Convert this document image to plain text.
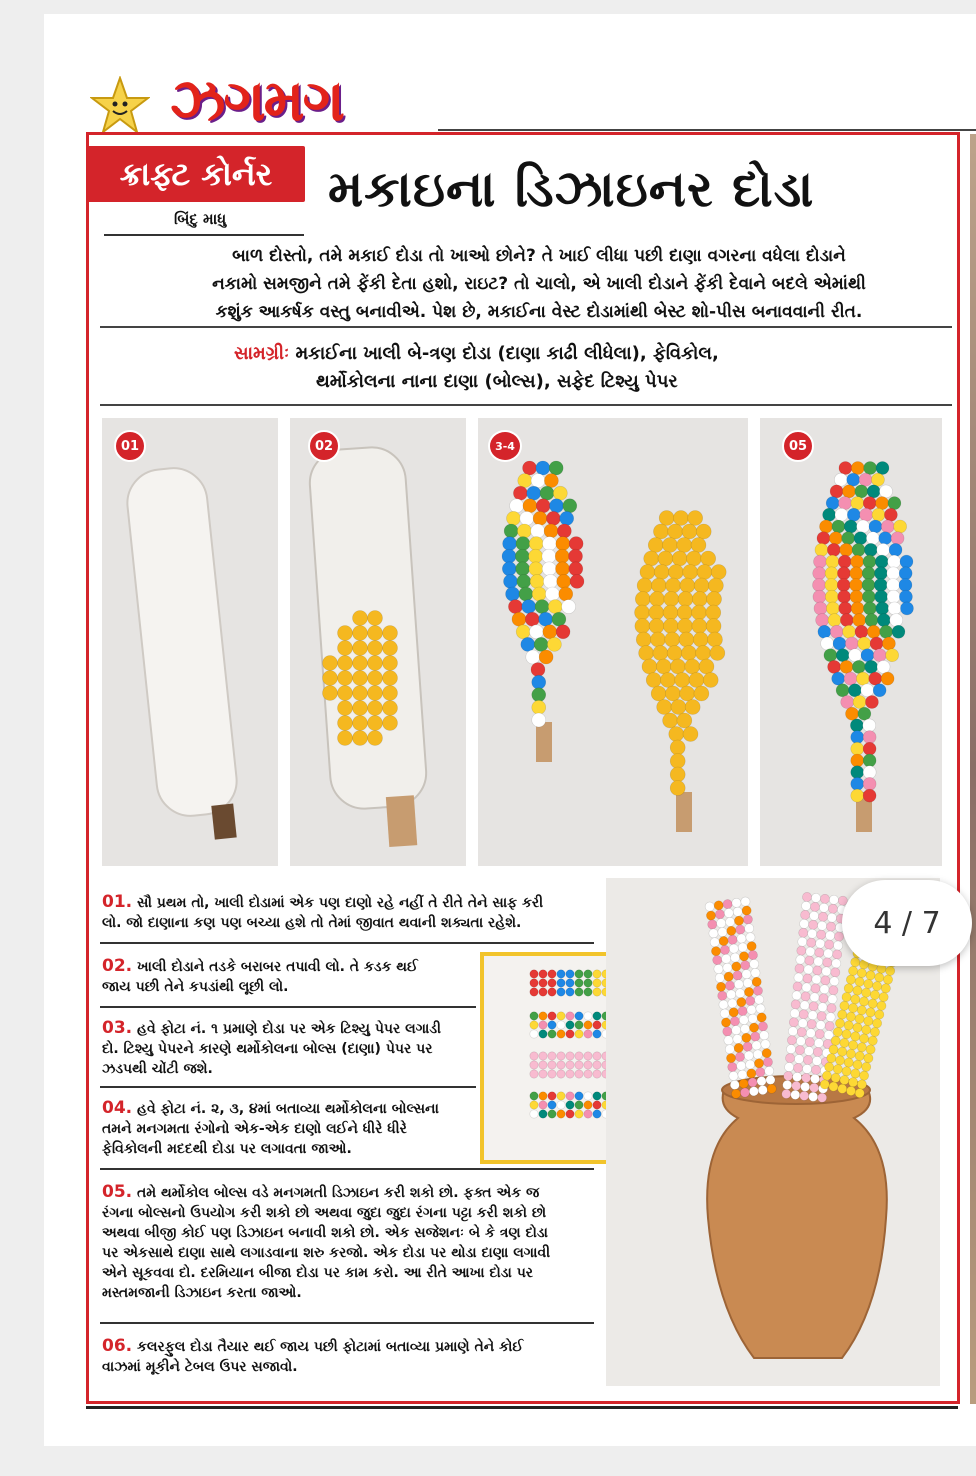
ઝગમગ
ક્રાફ્ટ કોર્નર
બિંદુ માધુ
મકાઇના ડિઝાઇનર દોડા
બાળ દોસ્તો, તમે મકાઈ દોડા તો ખાઓ છોને? તે ખાઈ લીધા પછી દાણા વગરના વધેલા દોડાને
નકામો સમજીને તમે ફેંકી દેતા હશો, રાઇટ? તો ચાલો, એ ખાલી દોડાને ફેંકી દેવાને બદલે એમાંથી
કશુંક આકર્ષક વસ્તુ બનાવીએ. પેશ છે, મકાઈના વેસ્ટ દોડામાંથી બેસ્ટ શો-પીસ બનાવવાની રીત.
સામગ્રીઃ મકાઈના ખાલી બે-ત્રણ દોડા (દાણા કાઢી લીધેલા), ફેવિકોલ,
થર્મોકોલના નાના દાણા (બોલ્સ), સફેદ ટિશ્યુ પેપર
01	02	3-4	05
01. સૌ પ્રથમ તો, ખાલી દોડામાં એક પણ દાણો રહે નહીં તે રીતે તેને સાફ કરી
લો. જો દાણાના કણ પણ બચ્યા હશે તો તેમાં જીવાત થવાની શક્યતા રહેશે.
02. ખાલી દોડાને તડકે બરાબર તપાવી લો. તે કડક થઈ
જાય પછી તેને કપડાંથી લૂછી લો.
03. હવે ફોટા નં. ૧ પ્રમાણે દોડા પર એક ટિશ્યુ પેપર લગાડી
દો. ટિશ્યુ પેપરને કારણે થર્મોકોલના બોલ્સ (દાણા) પેપર પર
ઝડપથી ચોંટી જશે.
04. હવે ફોટા નં. ૨, ૩, ૪માં બતાવ્યા થર્મોકોલના બોલ્સના
તમને મનગમતા રંગોનો એક-એક દાણો લઈને ધીરે ધીરે
ફેવિકોલની મદદથી દોડા પર લગાવતા જાઓ.
05. તમે થર્મોકોલ બોલ્સ વડે મનગમતી ડિઝાઇન કરી શકો છો. ફક્ત એક જ
રંગના બોલ્સનો ઉપયોગ કરી શકો છો અથવા જુદા જુદા રંગના પટ્ટા કરી શકો છો
અથવા બીજી કોઈ પણ ડિઝાઇન બનાવી શકો છો. એક સજેશનઃ બે કે ત્રણ દોડા
પર એકસાથે દાણા સાથે લગાડવાના શરુ કરજો. એક દોડા પર થોડા દાણા લગાવી
એને સૂકવવા દો. દરમિયાન બીજા દોડા પર કામ કરો. આ રીતે આખા દોડા પર
મસ્તમજાની ડિઝાઇન કરતા જાઓ.
06. કલરફુલ દોડા તૈયાર થઈ જાય પછી ફોટામાં બતાવ્યા પ્રમાણે તેને કોઈ
વાઝમાં મૂકીને ટેબલ ઉપર સજાવો.
4 / 7
